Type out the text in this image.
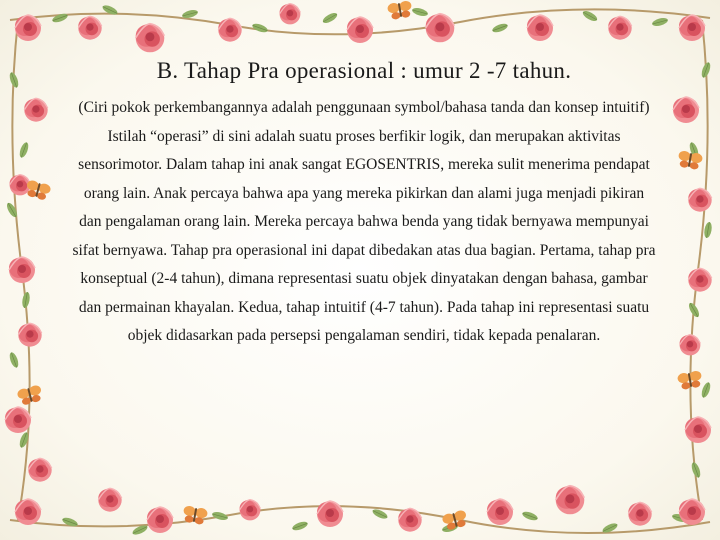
B. Tahap Pra operasional : umur 2 -7 tahun.

(Ciri pokok perkembangannya adalah penggunaan symbol/bahasa tanda dan konsep intuitif)

Istilah “operasi” di sini adalah suatu proses berfikir logik, dan merupakan aktivitas sensorimotor. Dalam tahap ini anak sangat EGOSENTRIS, mereka sulit menerima pendapat orang lain. Anak percaya bahwa apa yang mereka pikirkan dan alami juga menjadi pikiran dan pengalaman orang lain. Mereka percaya bahwa benda yang tidak bernyawa mempunyai sifat bernyawa. Tahap pra operasional ini dapat dibedakan atas dua bagian. Pertama, tahap pra konseptual (2-4 tahun), dimana representasi suatu objek dinyatakan dengan bahasa, gambar dan permainan khayalan. Kedua, tahap intuitif (4-7 tahun). Pada tahap ini representasi suatu objek didasarkan pada persepsi pengalaman sendiri, tidak kepada penalaran.
